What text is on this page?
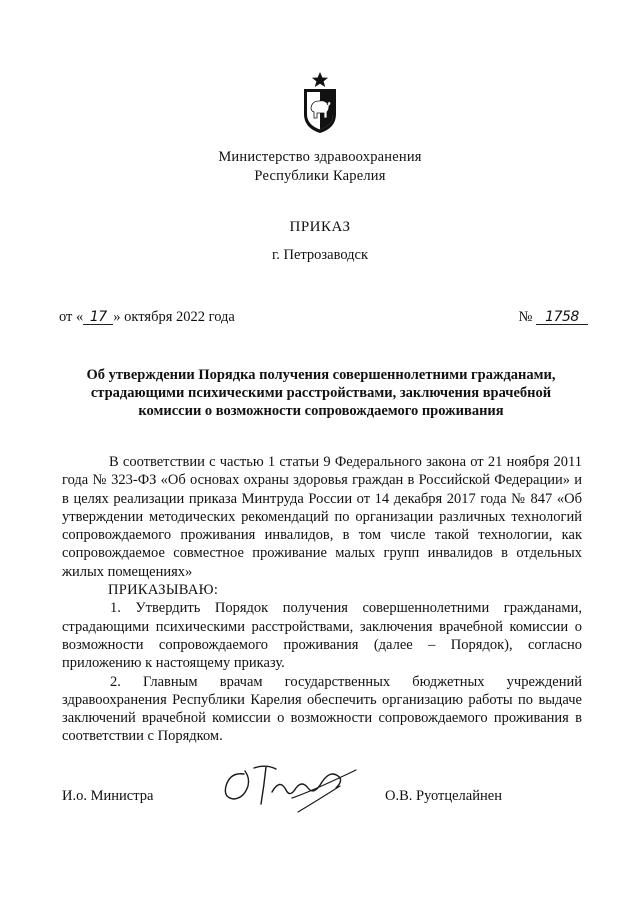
Министерство здравоохранения
Республики Карелия
ПРИКАЗ
г. Петрозаводск
от « 17 » октября 2022 года	№ 1758
Об утверждении Порядка получения совершеннолетними гражданами,
страдающими психическими расстройствами, заключения врачебной
комиссии о возможности сопровождаемого проживания

В соответствии с частью 1 статьи 9 Федерального закона от 21 ноября 2011 года № 323-ФЗ «Об основах охраны здоровья граждан в Российской Федерации» и в целях реализации приказа Минтруда России от 14 декабря 2017 года № 847 «Об утверждении методических рекомендаций по организации различных технологий сопровождаемого проживания инвалидов, в том числе такой технологии, как сопровождаемое совместное проживание малых групп инвалидов в отдельных жилых помещениях»

ПРИКАЗЫВАЮ:

1. Утвердить Порядок получения совершеннолетними гражданами, страдающими психическими расстройствами, заключения врачебной комиссии о возможности сопровождаемого проживания (далее – Порядок), согласно приложению к настоящему приказу.

2. Главным врачам государственных бюджетных учреждений здравоохранения Республики Карелия обеспечить организацию работы по выдаче заключений врачебной комиссии о возможности сопровождаемого проживания в соответствии с Порядком.

И.о. Министра	О.В. Руотцелайнен
